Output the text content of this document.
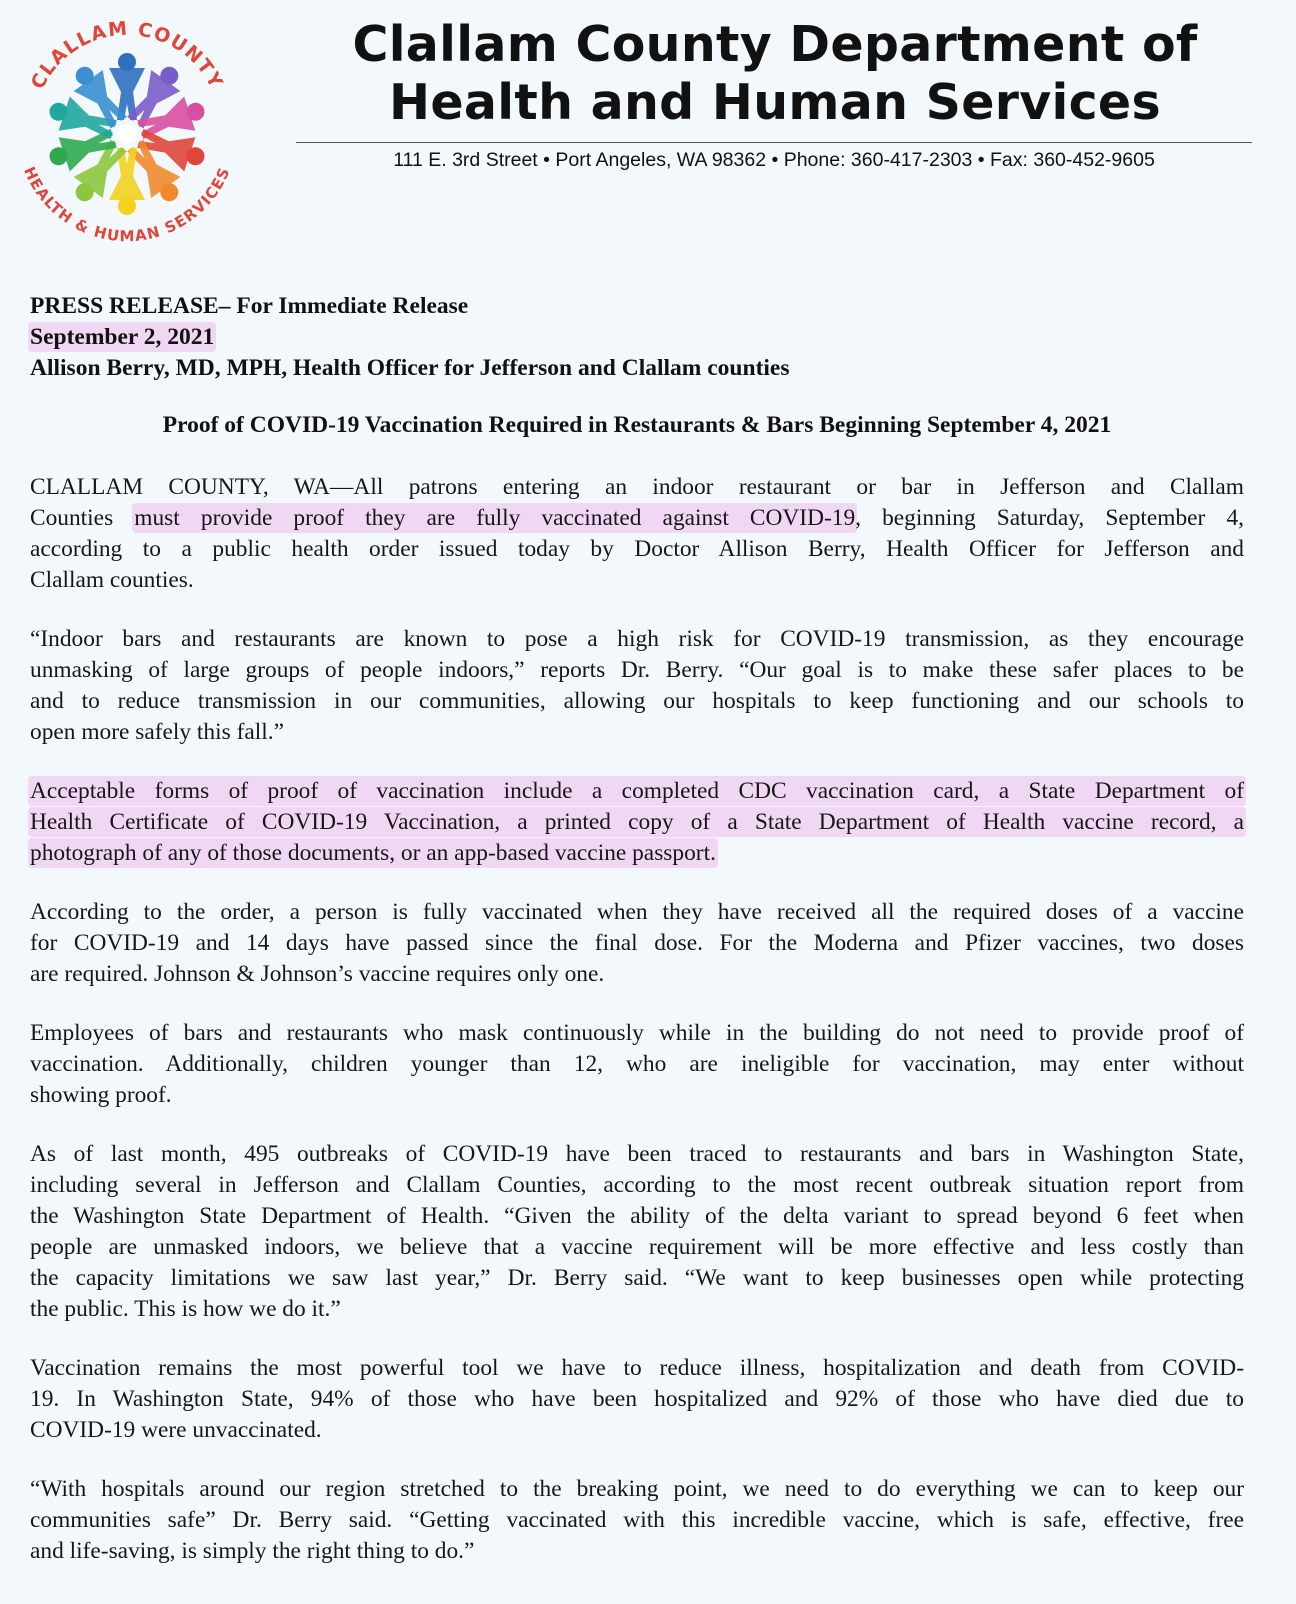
CLALLAM COUNTY
HEALTH & HUMAN SERVICES
Clallam County Department of
Health and Human Services
111 E. 3rd Street • Port Angeles, WA 98362 • Phone: 360-417-2303 • Fax: 360-452-9605
PRESS RELEASE– For Immediate Release
September 2, 2021
Allison Berry, MD, MPH, Health Officer for Jefferson and Clallam counties
Proof of COVID-19 Vaccination Required in Restaurants & Bars Beginning September 4, 2021

CLALLAM COUNTY, WA—All patrons entering an indoor restaurant or bar in Jefferson and Clallam
Counties must provide proof they are fully vaccinated against COVID-19, beginning Saturday, September 4,
according to a public health order issued today by Doctor Allison Berry, Health Officer for Jefferson and
Clallam counties.

“Indoor bars and restaurants are known to pose a high risk for COVID-19 transmission, as they encourage
unmasking of large groups of people indoors,” reports Dr. Berry. “Our goal is to make these safer places to be
and to reduce transmission in our communities, allowing our hospitals to keep functioning and our schools to
open more safely this fall.”

Acceptable forms of proof of vaccination include a completed CDC vaccination card, a State Department of
Health Certificate of COVID-19 Vaccination, a printed copy of a State Department of Health vaccine record, a
photograph of any of those documents, or an app-based vaccine passport.

According to the order, a person is fully vaccinated when they have received all the required doses of a vaccine
for COVID-19 and 14 days have passed since the final dose. For the Moderna and Pfizer vaccines, two doses
are required. Johnson & Johnson’s vaccine requires only one.

Employees of bars and restaurants who mask continuously while in the building do not need to provide proof of
vaccination. Additionally, children younger than 12, who are ineligible for vaccination, may enter without
showing proof.

As of last month, 495 outbreaks of COVID-19 have been traced to restaurants and bars in Washington State,
including several in Jefferson and Clallam Counties, according to the most recent outbreak situation report from
the Washington State Department of Health. “Given the ability of the delta variant to spread beyond 6 feet when
people are unmasked indoors, we believe that a vaccine requirement will be more effective and less costly than
the capacity limitations we saw last year,” Dr. Berry said. “We want to keep businesses open while protecting
the public. This is how we do it.”

Vaccination remains the most powerful tool we have to reduce illness, hospitalization and death from COVID-
19. In Washington State, 94% of those who have been hospitalized and 92% of those who have died due to
COVID-19 were unvaccinated.

“With hospitals around our region stretched to the breaking point, we need to do everything we can to keep our
communities safe” Dr. Berry said. “Getting vaccinated with this incredible vaccine, which is safe, effective, free
and life-saving, is simply the right thing to do.”
